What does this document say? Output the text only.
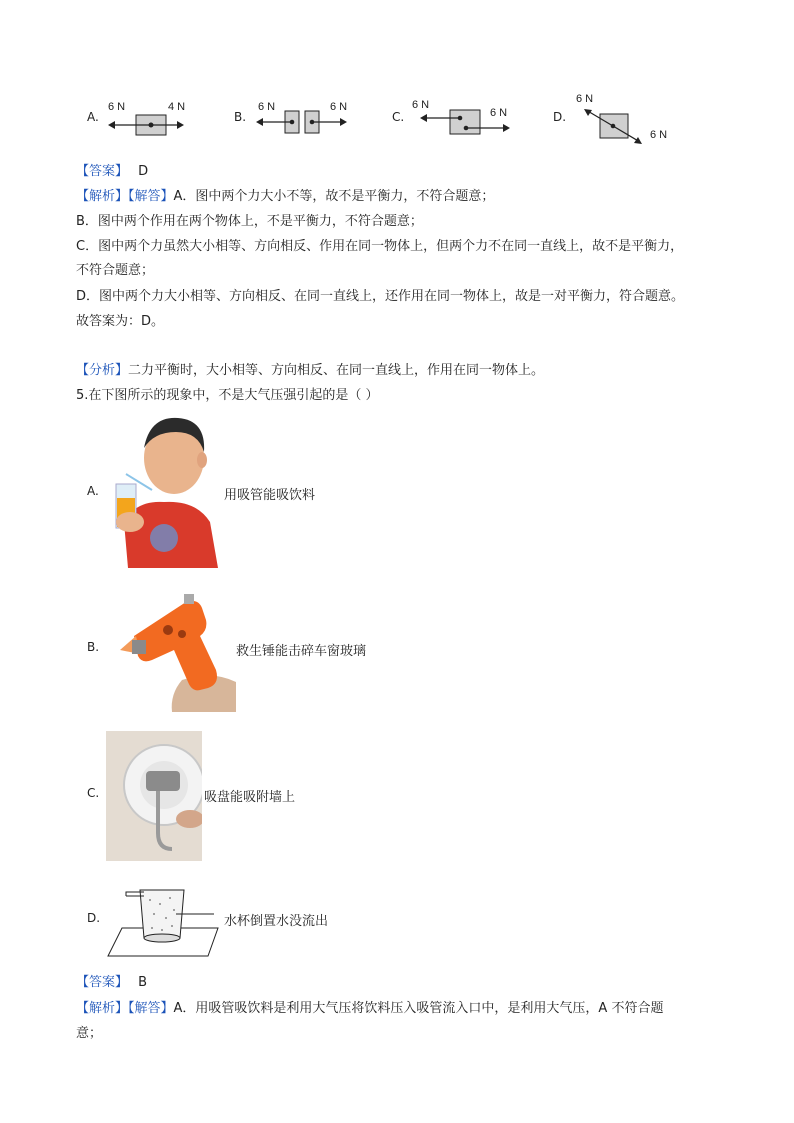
A.
6 N	4 N
B.
6 N	6 N
C.
6 N
6 N	D.
6 N
6 N
【答案】 D
【解析】【解答】A．图中两个力大小不等，故不是平衡力，不符合题意；
B．图中两个作用在两个物体上，不是平衡力，不符合题意；
C．图中两个力虽然大小相等、方向相反、作用在同一物体上，但两个力不在同一直线上，故不是平衡力，
不符合题意；
D．图中两个力大小相等、方向相反、在同一直线上，还作用在同一物体上，故是一对平衡力，符合题意。
故答案为：D。
【分析】二力平衡时，大小相等、方向相反、在同一直线上，作用在同一物体上。
5.在下图所示的现象中，不是大气压强引起的是（ ）
A.	用吸管能吸饮料
B.	救生锤能击碎车窗玻璃
C.	吸盘能吸附墙上
D.	水杯倒置水没流出
【答案】 B
【解析】【解答】A．用吸管吸饮料是利用大气压将饮料压入吸管流入口中，是利用大气压，A 不符合题
意；
